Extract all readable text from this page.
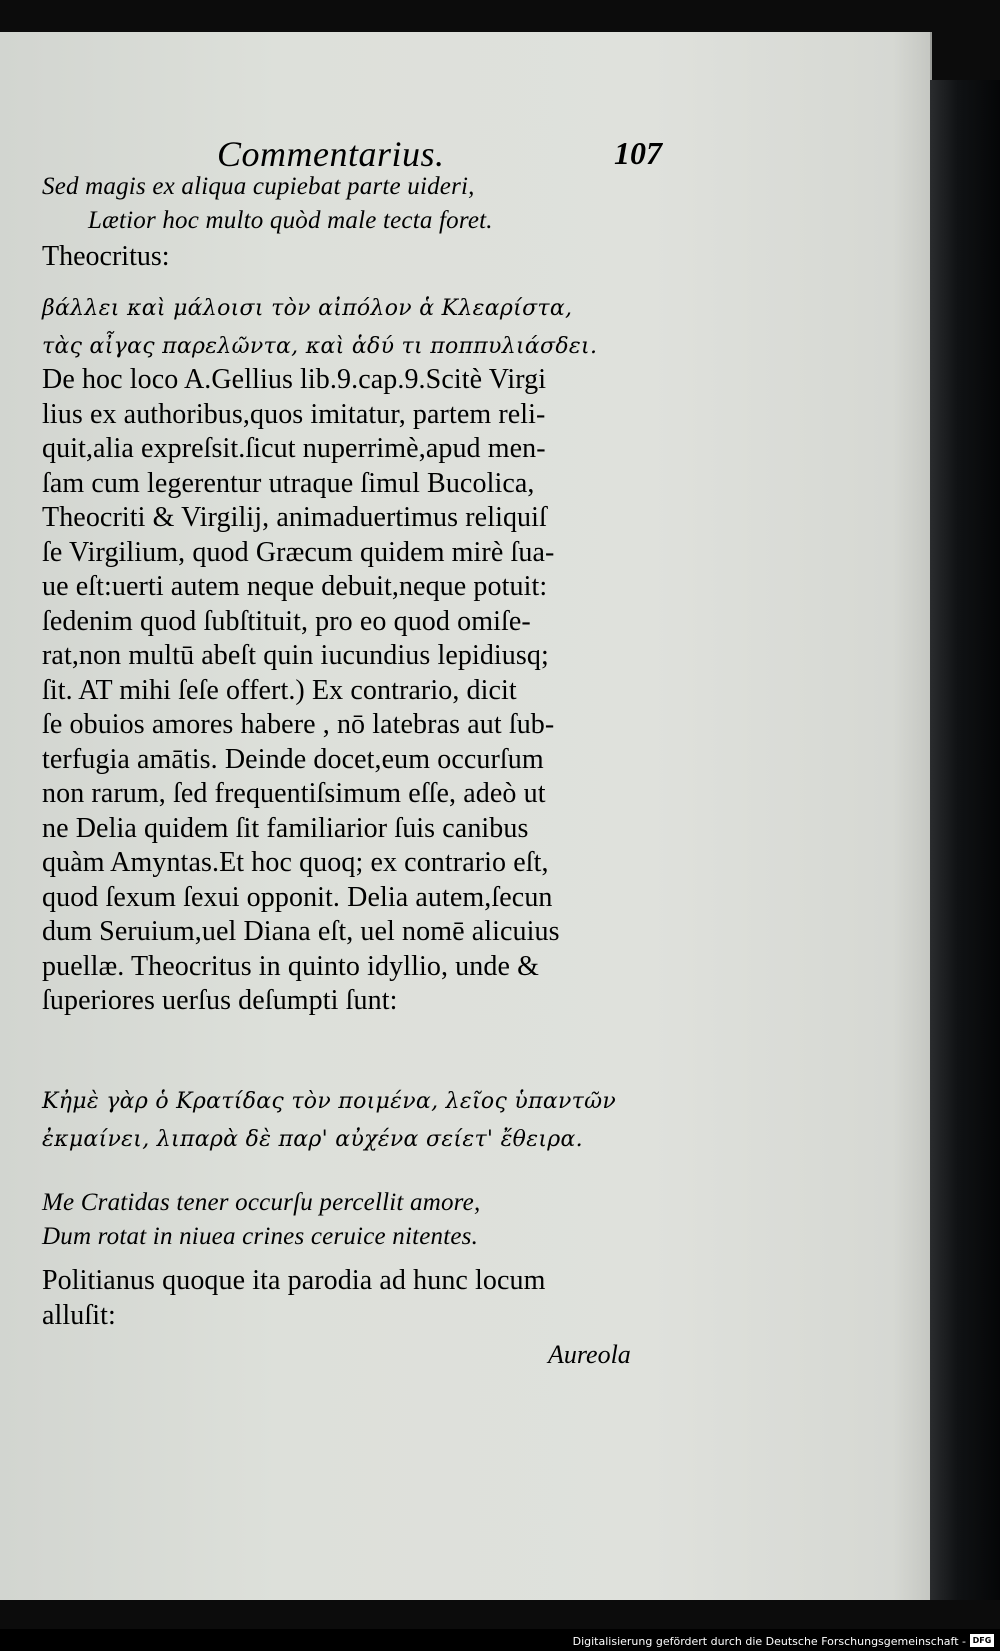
Commentarius.	107
Sed magis ex aliqua cupiebat parte uideri,
Lætior hoc multo quòd male tecta foret.
Theocritus:
βάλλει καὶ μάλοισι τὸν αἰπόλον ἁ Κλεαρίστα,
τὰς αἶγας παρελῶντα, καὶ ἁδύ τι ποππυλιάσδει.
De hoc loco A.Gellius lib.9.cap.9.Scitè Virgi
lius ex authoribus,quos imitatur, partem reli-
quit,alia expreſsit.ſicut nuperrimè,apud men-
ſam cum legerentur utraque ſimul Bucolica,
Theocriti & Virgilij, animaduertimus reliquiſ
ſe Virgilium, quod Græcum quidem mirè ſua-
ue eſt:uerti autem neque debuit,neque potuit:
ſedenim quod ſubſtituit, pro eo quod omiſe-
rat,non multū abeſt quin iucundius lepidiusq;
ſit. AT mihi ſeſe offert.) Ex contrario, dicit
ſe obuios amores habere , nō latebras aut ſub-
terfugia amātis. Deinde docet,eum occurſum
non rarum, ſed frequentiſsimum eſſe, adeò ut
ne Delia quidem ſit familiarior ſuis canibus
quàm Amyntas.Et hoc quoq; ex contrario eſt,
quod ſexum ſexui opponit. Delia autem,ſecun
dum Seruium,uel Diana eſt, uel nomē alicuius
puellæ. Theocritus in quinto idyllio, unde &
ſuperiores uerſus deſumpti ſunt:
Κἠμὲ γὰρ ὁ Κρατίδας τὸν ποιμένα, λεῖος ὑπαντῶν
ἐκμαίνει, λιπαρὰ δὲ παρ' αὐχένα σείετ' ἔθειρα.
Me Cratidas tener occurſu percellit amore,
Dum rotat in niuea crines ceruice nitentes.
Politianus quoque ita parodia ad hunc locum
alluſit:
Aureola
Digitalisierung gefördert durch die Deutsche Forschungsgemeinschaft - DFG
